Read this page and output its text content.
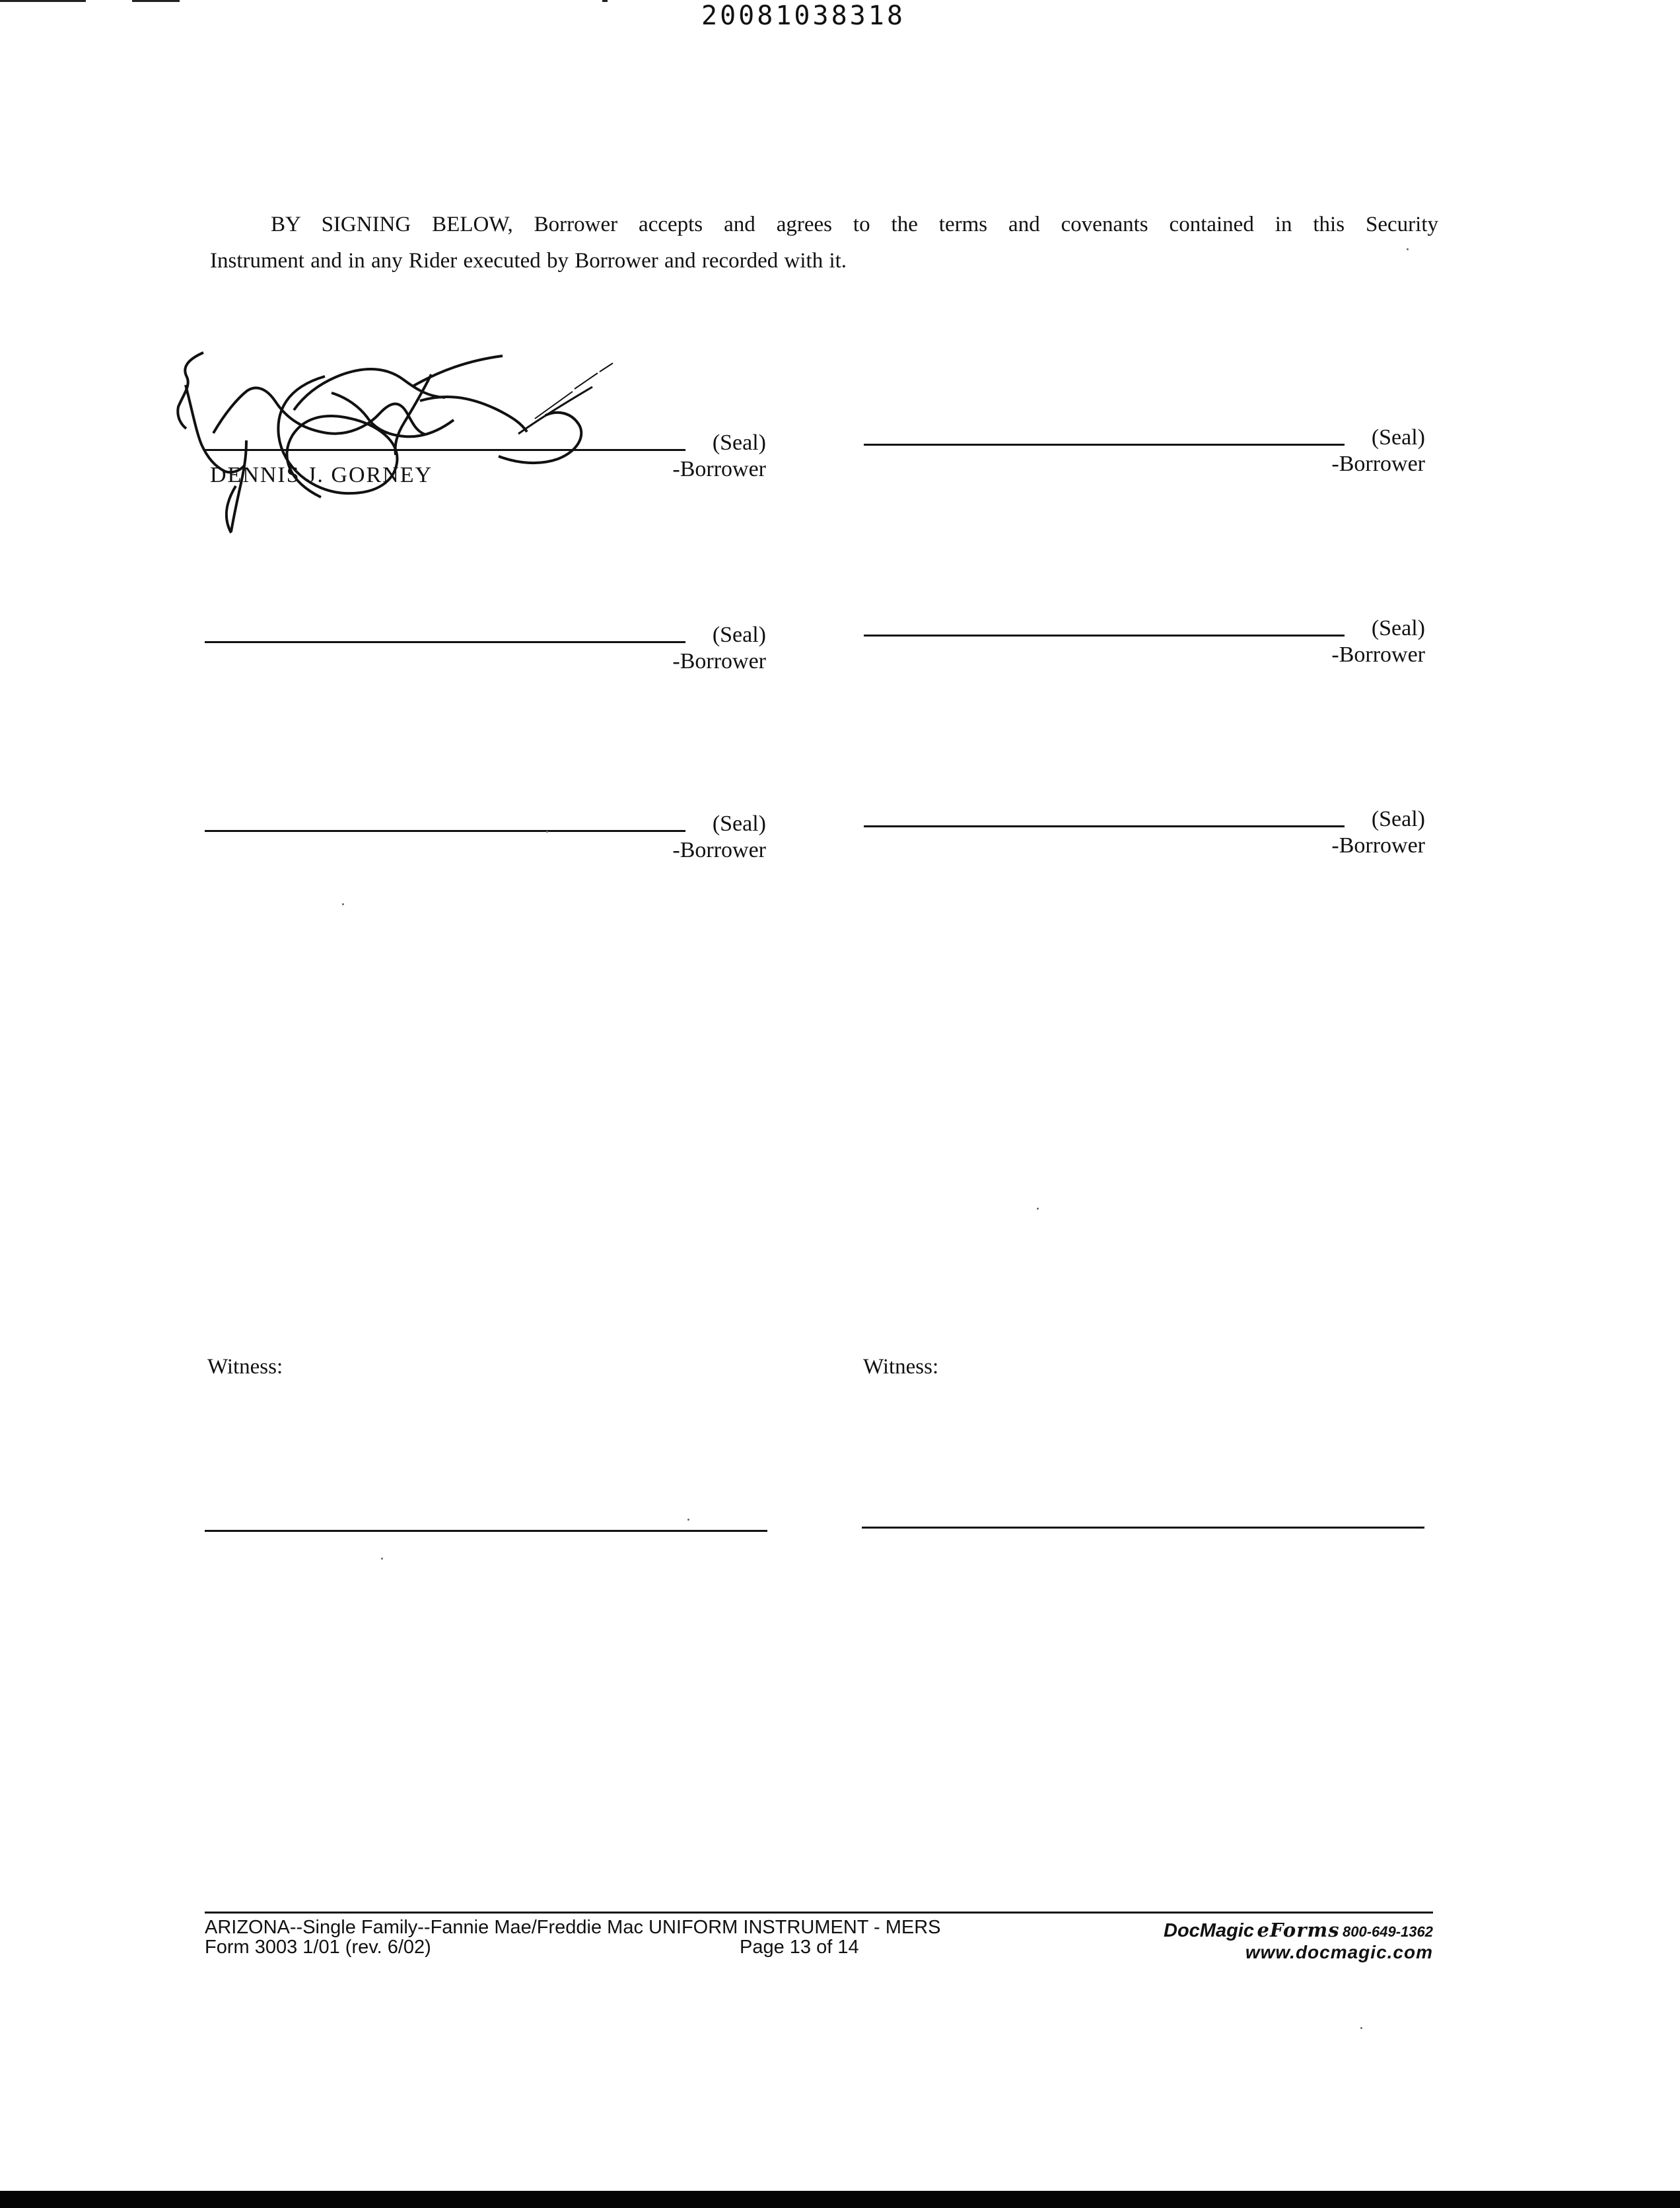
20081038318
BY SIGNING BELOW, Borrower accepts and agrees to the terms and covenants contained in this Security
Instrument and in any Rider executed by Borrower and recorded with it.
(Seal)
-Borrower
DENNIS J. GORNEY
(Seal)
-Borrower
(Seal)
-Borrower
(Seal)
-Borrower
(Seal)
-Borrower
(Seal)
-Borrower
Witness:	Witness:
ARIZONA--Single Family--Fannie Mae/Freddie Mac UNIFORM INSTRUMENT - MERS
Form 3003 1/01 (rev. 6/02)	Page 13 of 14
DocMagic eForms 800-649-1362
www.docmagic.com
